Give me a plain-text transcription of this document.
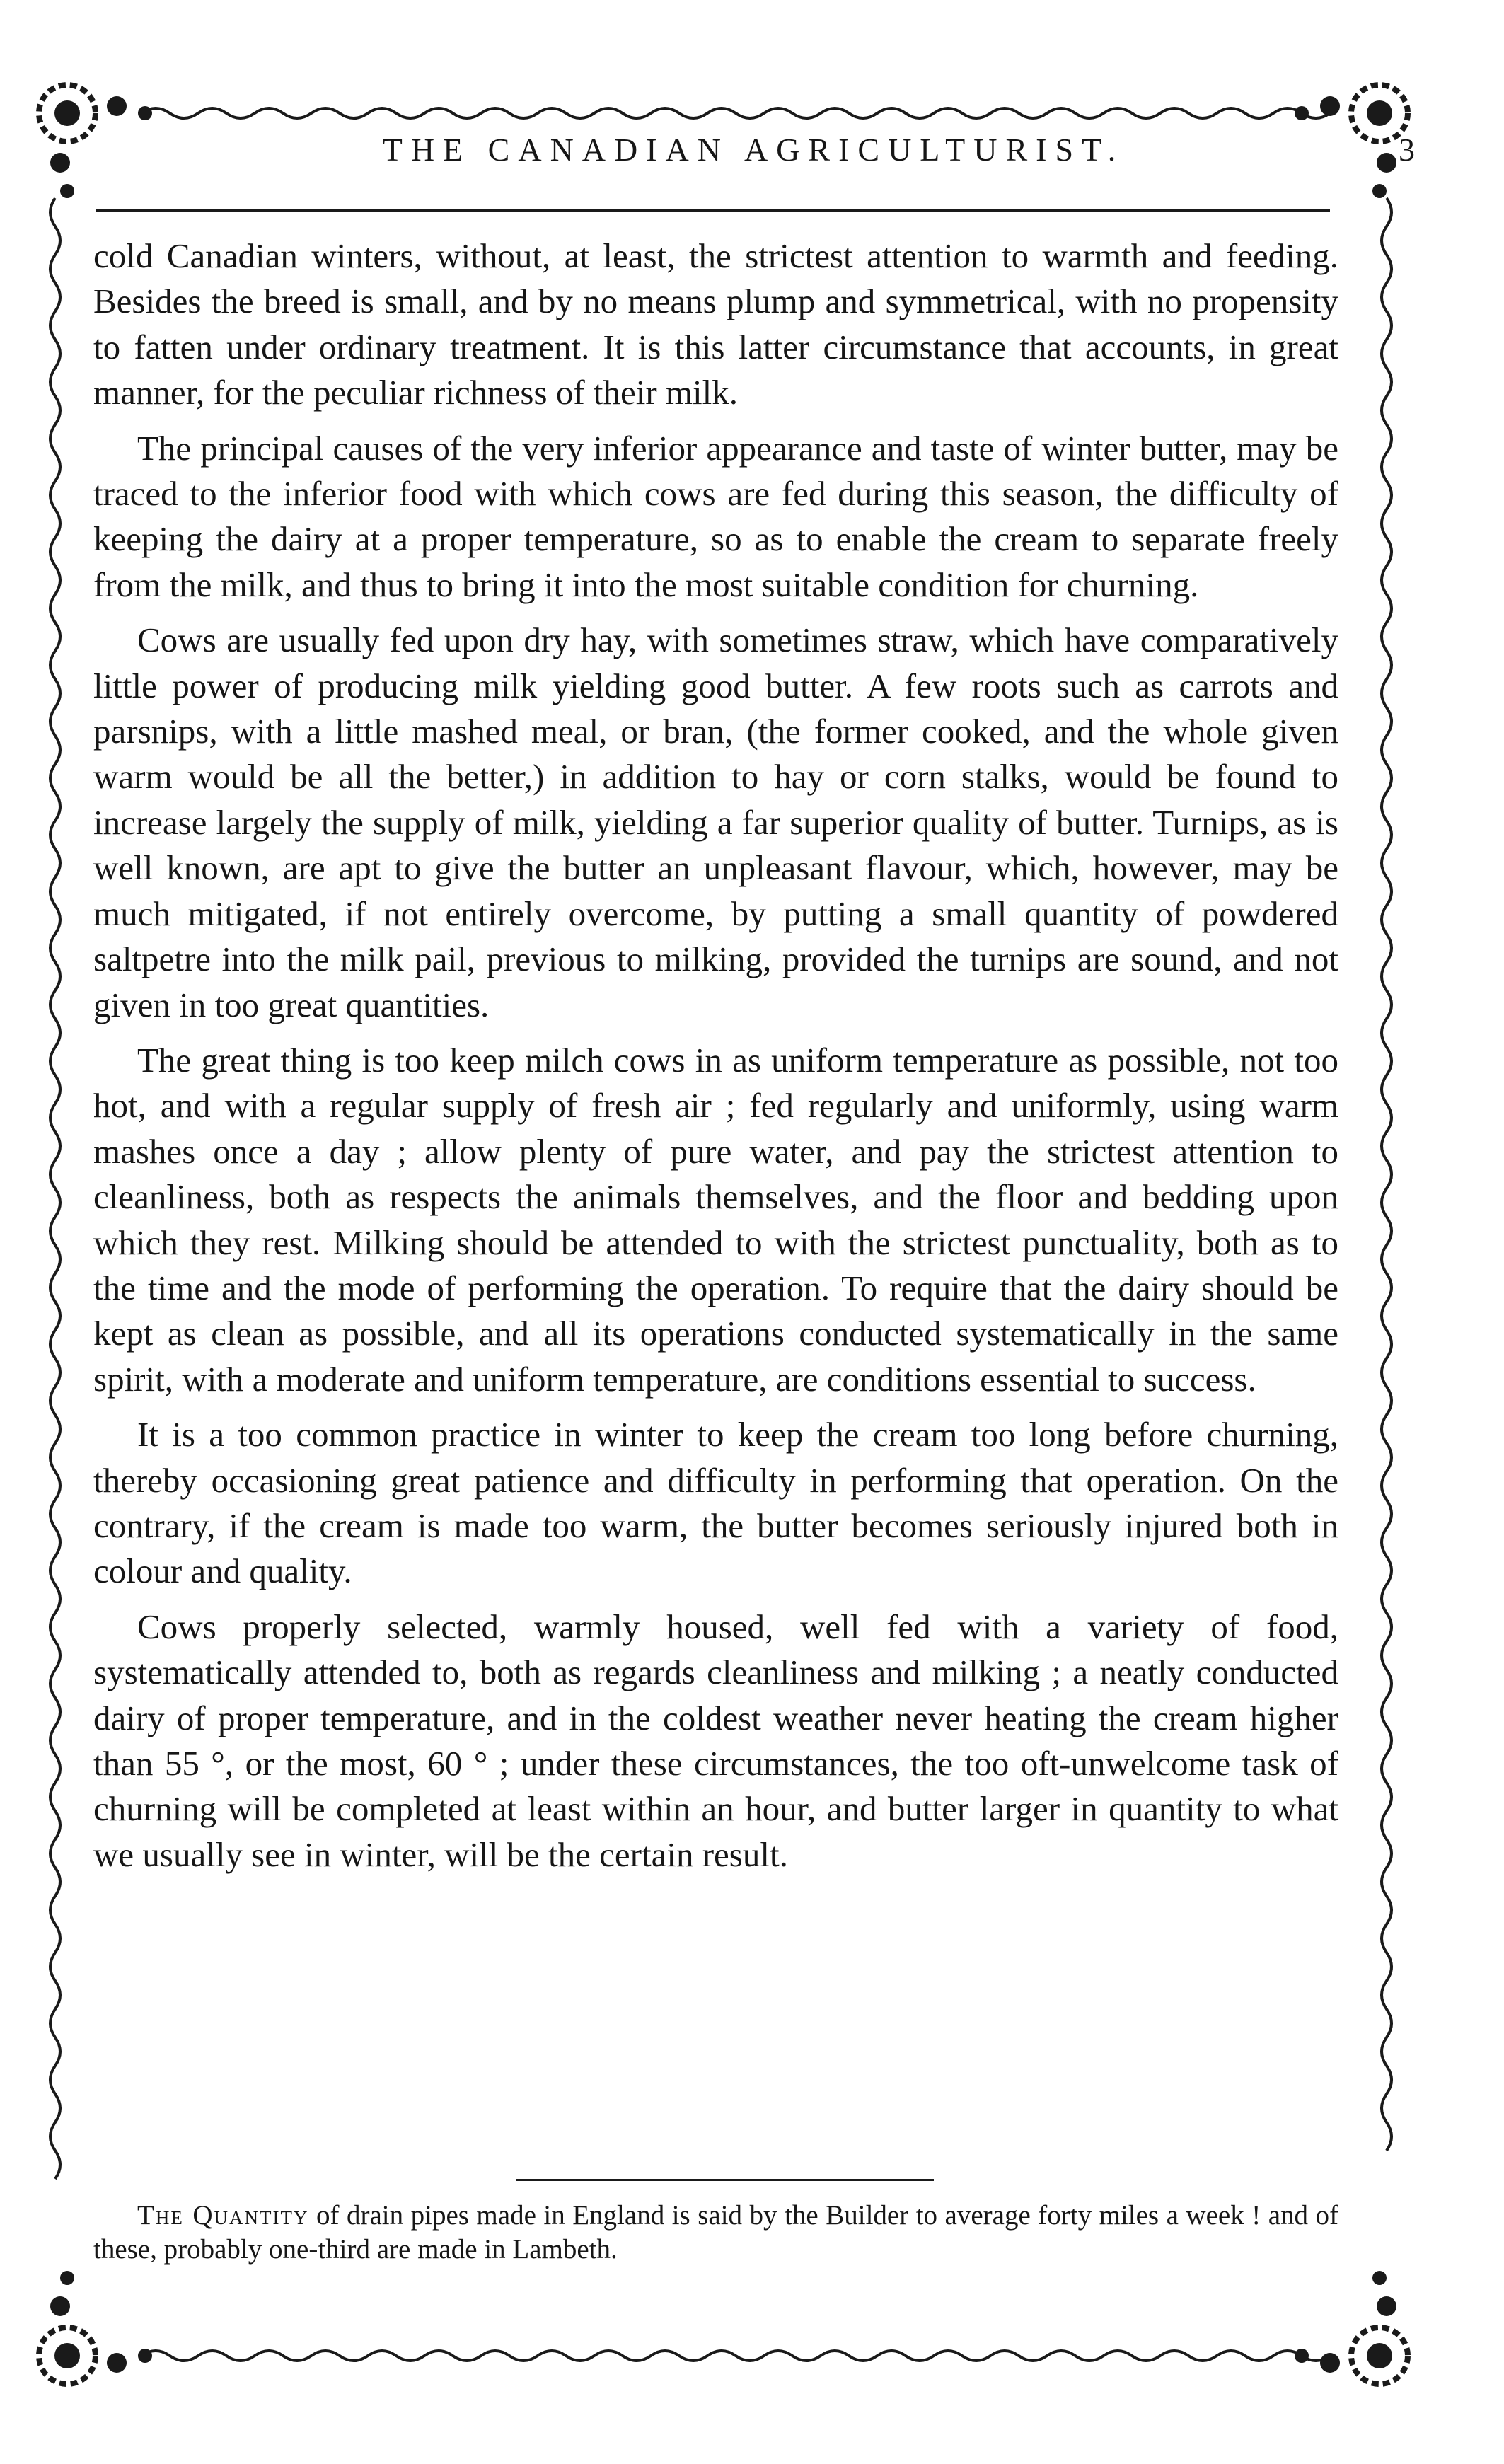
THE CANADIAN AGRICULTURIST.	3

cold Canadian winters, without, at least, the strictest attention to warmth and feeding. Besides the breed is small, and by no means plump and symmetrical, with no propensity to fatten under ordinary treatment. It is this latter circumstance that accounts, in great manner, for the peculiar richness of their milk.

The principal causes of the very inferior appearance and taste of winter butter, may be traced to the inferior food with which cows are fed during this season, the difficulty of keeping the dairy at a proper temperature, so as to enable the cream to separate freely from the milk, and thus to bring it into the most suitable condition for churning.

Cows are usually fed upon dry hay, with sometimes straw, which have comparatively little power of producing milk yielding good butter. A few roots such as carrots and parsnips, with a little mashed meal, or bran, (the former cooked, and the whole given warm would be all the better,) in addition to hay or corn stalks, would be found to increase largely the supply of milk, yielding a far superior quality of butter. Turnips, as is well known, are apt to give the butter an unpleasant flavour, which, however, may be much mitigated, if not entirely overcome, by putting a small quantity of powdered saltpetre into the milk pail, previous to milking, provided the turnips are sound, and not given in too great quantities.

The great thing is too keep milch cows in as uniform temperature as possible, not too hot, and with a regular supply of fresh air ; fed regularly and uniformly, using warm mashes once a day ; allow plenty of pure water, and pay the strictest attention to cleanliness, both as respects the animals themselves, and the floor and bedding upon which they rest. Milking should be attended to with the strictest punctuality, both as to the time and the mode of performing the operation. To require that the dairy should be kept as clean as possible, and all its operations conducted systematically in the same spirit, with a moderate and uniform temperature, are conditions essential to success.

It is a too common practice in winter to keep the cream too long before churning, thereby occasioning great patience and difficulty in performing that operation. On the contrary, if the cream is made too warm, the butter becomes seriously injured both in colour and quality.

Cows properly selected, warmly housed, well fed with a variety of food, systematically attended to, both as regards cleanliness and milking ; a neatly conducted dairy of proper temperature, and in the coldest weather never heating the cream higher than 55 °, or the most, 60 ° ; under these circumstances, the too oft-unwelcome task of churning will be completed at least within an hour, and butter larger in quantity to what we usually see in winter, will be the certain result.

The Quantity of drain pipes made in England is said by the Builder to average forty miles a week ! and of these, probably one-third are made in Lambeth.
